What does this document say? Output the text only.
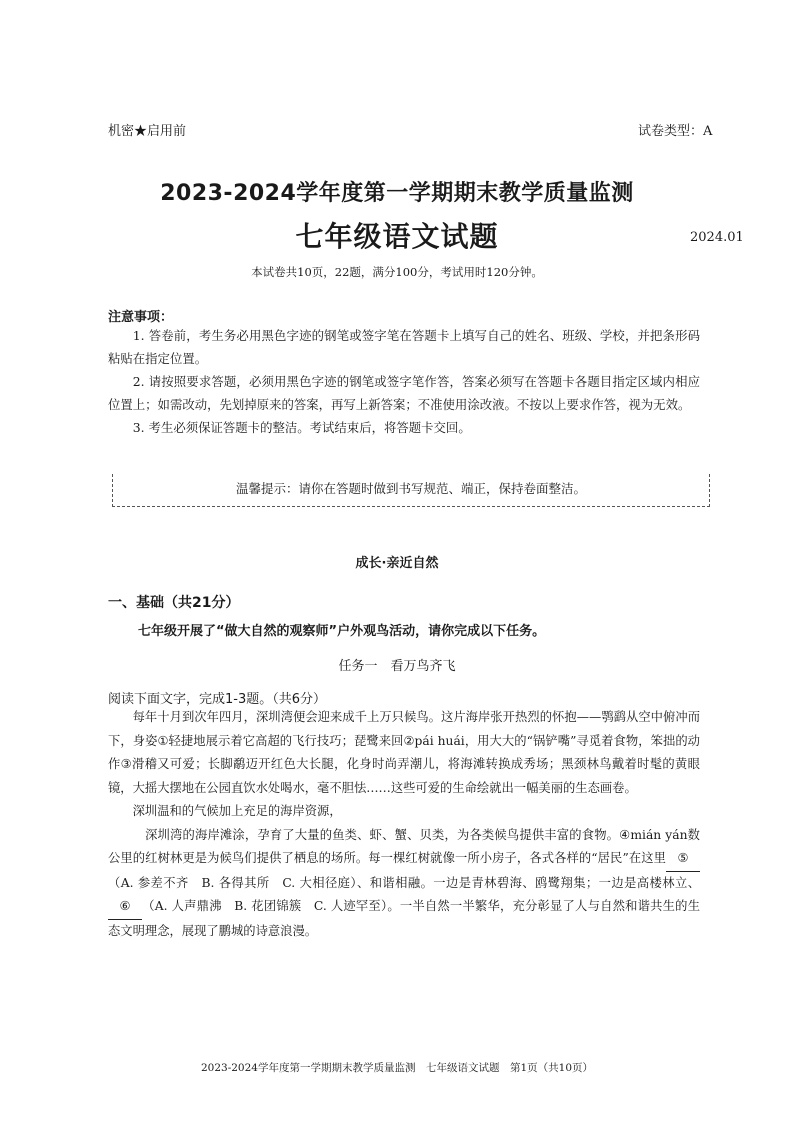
机密★启用前	试卷类型：A
2023-2024学年度第一学期期末教学质量监测
七年级语文试题	2024.01
本试卷共10页，22题，满分100分，考试用时120分钟。
注意事项：

1. 答卷前，考生务必用黑色字迹的钢笔或签字笔在答题卡上填写自己的姓名、班级、学校，并把条形码粘贴在指定位置。

2. 请按照要求答题，必须用黑色字迹的钢笔或签字笔作答，答案必须写在答题卡各题目指定区域内相应位置上；如需改动，先划掉原来的答案，再写上新答案；不准使用涂改液。不按以上要求作答，视为无效。

3. 考生必须保证答题卡的整洁。考试结束后，将答题卡交回。

温馨提示：请你在答题时做到书写规范、端正，保持卷面整洁。
成长·亲近自然
一、基础（共21分）
七年级开展了“做大自然的观察师”户外观鸟活动，请你完成以下任务。
任务一　看万鸟齐飞
阅读下面文字，完成1-3题。（共6分）

每年十月到次年四月，深圳湾便会迎来成千上万只候鸟。这片海岸张开热烈的怀抱——鹗鹞从空中俯冲而下，身姿①轻捷地展示着它高超的飞行技巧；琵鹭来回②pái huái，用大大的“锅铲嘴”寻觅着食物，笨拙的动作③滑稽又可爱；长脚鹬迈开红色大长腿，化身时尚弄潮儿，将海滩转换成秀场；黑颈林鸟戴着时髦的黄眼镜，大摇大摆地在公园直饮水处喝水，毫不胆怯……这些可爱的生命绘就出一幅美丽的生态画卷。

深圳温和的气候加上充足的海岸资源，

深圳湾的海岸滩涂，孕育了大量的鱼类、虾、蟹、贝类，为各类候鸟提供丰富的食物。④mián yán数公里的红树林更是为候鸟们提供了栖息的场所。每一棵红树就像一所小房子，各式各样的“居民”在这里 ⑤（A. 参差不齐　B. 各得其所　C. 大相径庭）、和谐相融。一边是青林碧海、鸥鹭翔集；一边是高楼林立、⑥ （A. 人声鼎沸　B. 花团锦簇　C. 人迹罕至）。一半自然一半繁华，充分彰显了人与自然和谐共生的生态文明理念，展现了鹏城的诗意浪漫。

2023-2024学年度第一学期期末教学质量监测　七年级语文试题　第1页（共10页）
